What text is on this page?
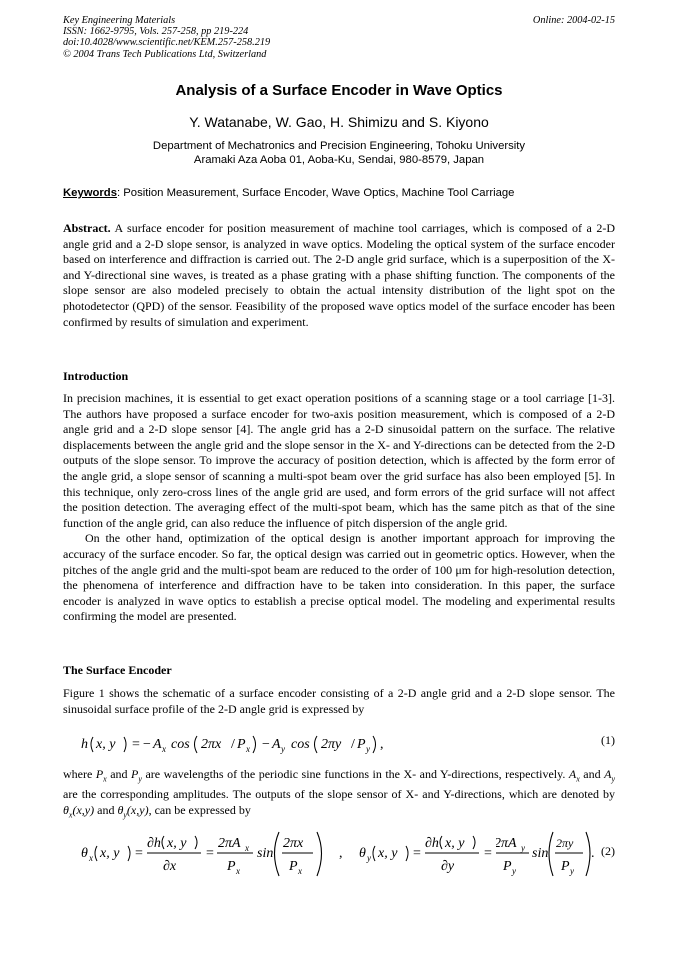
Key Engineering Materials
ISSN: 1662-9795, Vols. 257-258, pp 219-224
doi:10.4028/www.scientific.net/KEM.257-258.219
© 2004 Trans Tech Publications Ltd, Switzerland
Online: 2004-02-15
Analysis of a Surface Encoder in Wave Optics
Y. Watanabe, W. Gao, H. Shimizu and S. Kiyono
Department of Mechatronics and Precision Engineering, Tohoku University
Aramaki Aza Aoba 01, Aoba-Ku, Sendai, 980-8579, Japan
Keywords: Position Measurement, Surface Encoder, Wave Optics, Machine Tool Carriage
Abstract. A surface encoder for position measurement of machine tool carriages, which is composed of a 2-D angle grid and a 2-D slope sensor, is analyzed in wave optics. Modeling the optical system of the surface encoder based on interference and diffraction is carried out. The 2-D angle grid surface, which is a superposition of the X- and Y-directional sine waves, is treated as a phase grating with a phase shifting function. The components of the slope sensor are also modeled precisely to obtain the actual intensity distribution of the light spot on the photodetector (QPD) of the sensor. Feasibility of the proposed wave optics model of the surface encoder has been confirmed by results of simulation and experiment.
Introduction
In precision machines, it is essential to get exact operation positions of a scanning stage or a tool carriage [1-3]. The authors have proposed a surface encoder for two-axis position measurement, which is composed of a 2-D angle grid and a 2-D slope sensor [4]. The angle grid has a 2-D sinusoidal pattern on the surface. The relative displacements between the angle grid and the slope sensor in the X- and Y-directions can be detected from the 2-D outputs of the slope sensor. To improve the accuracy of position detection, which is affected by the form error of the angle grid, a slope sensor of scanning a multi-spot beam over the grid surface has also been employed [5]. In this technique, only zero-cross lines of the angle grid are used, and form errors of the grid surface will not affect the position detection. The averaging effect of the multi-spot beam, which has the same pitch as that of the sine function of the angle grid, can also reduce the influence of pitch dispersion of the angle grid.
On the other hand, optimization of the optical design is another important approach for improving the accuracy of the surface encoder. So far, the optical design was carried out in geometric optics. However, when the pitches of the angle grid and the multi-spot beam are reduced to the order of 100 μm for high-resolution detection, the phenomena of interference and diffraction have to be taken into consideration. In this paper, the surface encoder is analyzed in wave optics to establish a precise optical model. The modeling and experimental results confirming the model are presented.
The Surface Encoder
Figure 1 shows the schematic of a surface encoder consisting of a 2-D angle grid and a 2-D slope sensor. The sinusoidal surface profile of the 2-D angle grid is expressed by
h x, y = − A x cos 2πx / P x − A y cos 2πy / P y ,	(1)
where $P_x$ and $P_y$ are wavelengths of the periodic sine functions in the X- and Y-directions, respectively. $A_x$ and $A_y$ are the corresponding amplitudes. The outputs of the slope sensor of X- and Y-directions, which are denoted by $\theta_x(x,y)$ and $\theta_y(x,y)$, can be expressed by
θ x x, y =
∂h x, y
∂x
=
2πA x
P x
sin
2πx
P x
, θ y x, y =
∂h x, y
∂y
=	(2)
2πA y
P y
sin
2πy
P y
.
